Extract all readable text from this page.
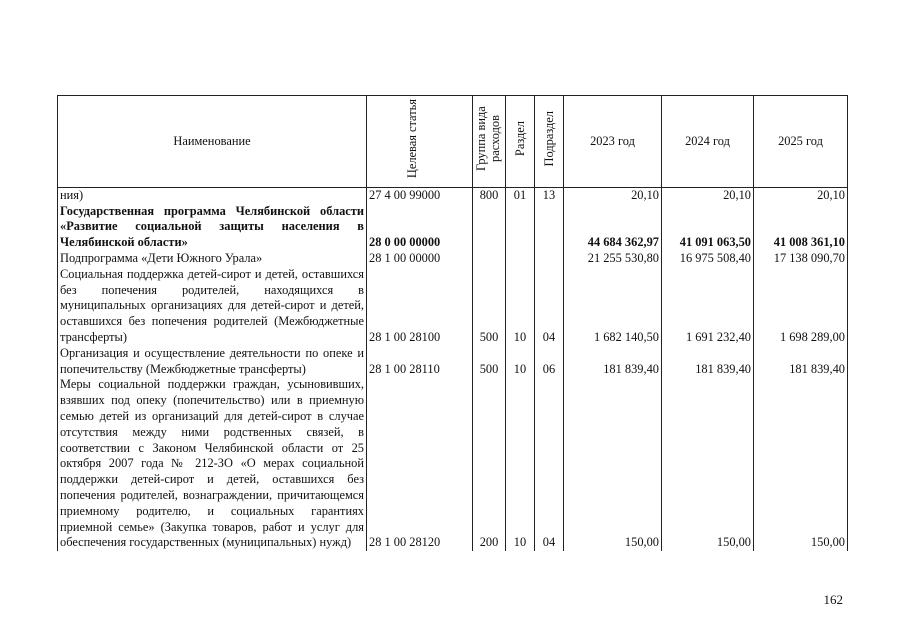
Наименование	Целевая статья	Группа вида расходов	Раздел	Подраздел	2023 год	2024 год	2025 год
ния)	27 4 00 99000	800	01	13	20,10	20,10	20,10
Государственная программа Челябинской области «Развитие социальной защиты населения в Челябинской области»	28 0 00 00000				44 684 362,97	41 091 063,50	41 008 361,10
Подпрограмма «Дети Южного Урала»	28 1 00 00000				21 255 530,80	16 975 508,40	17 138 090,70
Социальная поддержка детей-сирот и детей, оставшихся без попечения родителей, находящихся в муниципальных организациях для детей-сирот и детей, оставшихся без попечения родителей (Межбюджетные трансферты)	28 1 00 28100	500	10	04	1 682 140,50	1 691 232,40	1 698 289,00
Организация и осуществление деятельности по опеке и попечительству (Межбюджетные трансферты)	28 1 00 28110	500	10	06	181 839,40	181 839,40	181 839,40
Меры социальной поддержки граждан, усыновивших, взявших под опеку (попечительство) или в приемную семью детей из организаций для детей-сирот в случае отсутствия между ними родственных связей, в соответствии с Законом Челябинской области от 25 октября 2007 года № 212-ЗО «О мерах социальной поддержки детей-сирот и детей, оставшихся без попечения родителей, вознаграждении, причитающемся приемному родителю, и социальных гарантиях приемной семье» (Закупка товаров, работ и услуг для обеспечения государственных (муниципальных) нужд)	28 1 00 28120	200	10	04	150,00	150,00	150,00
162
